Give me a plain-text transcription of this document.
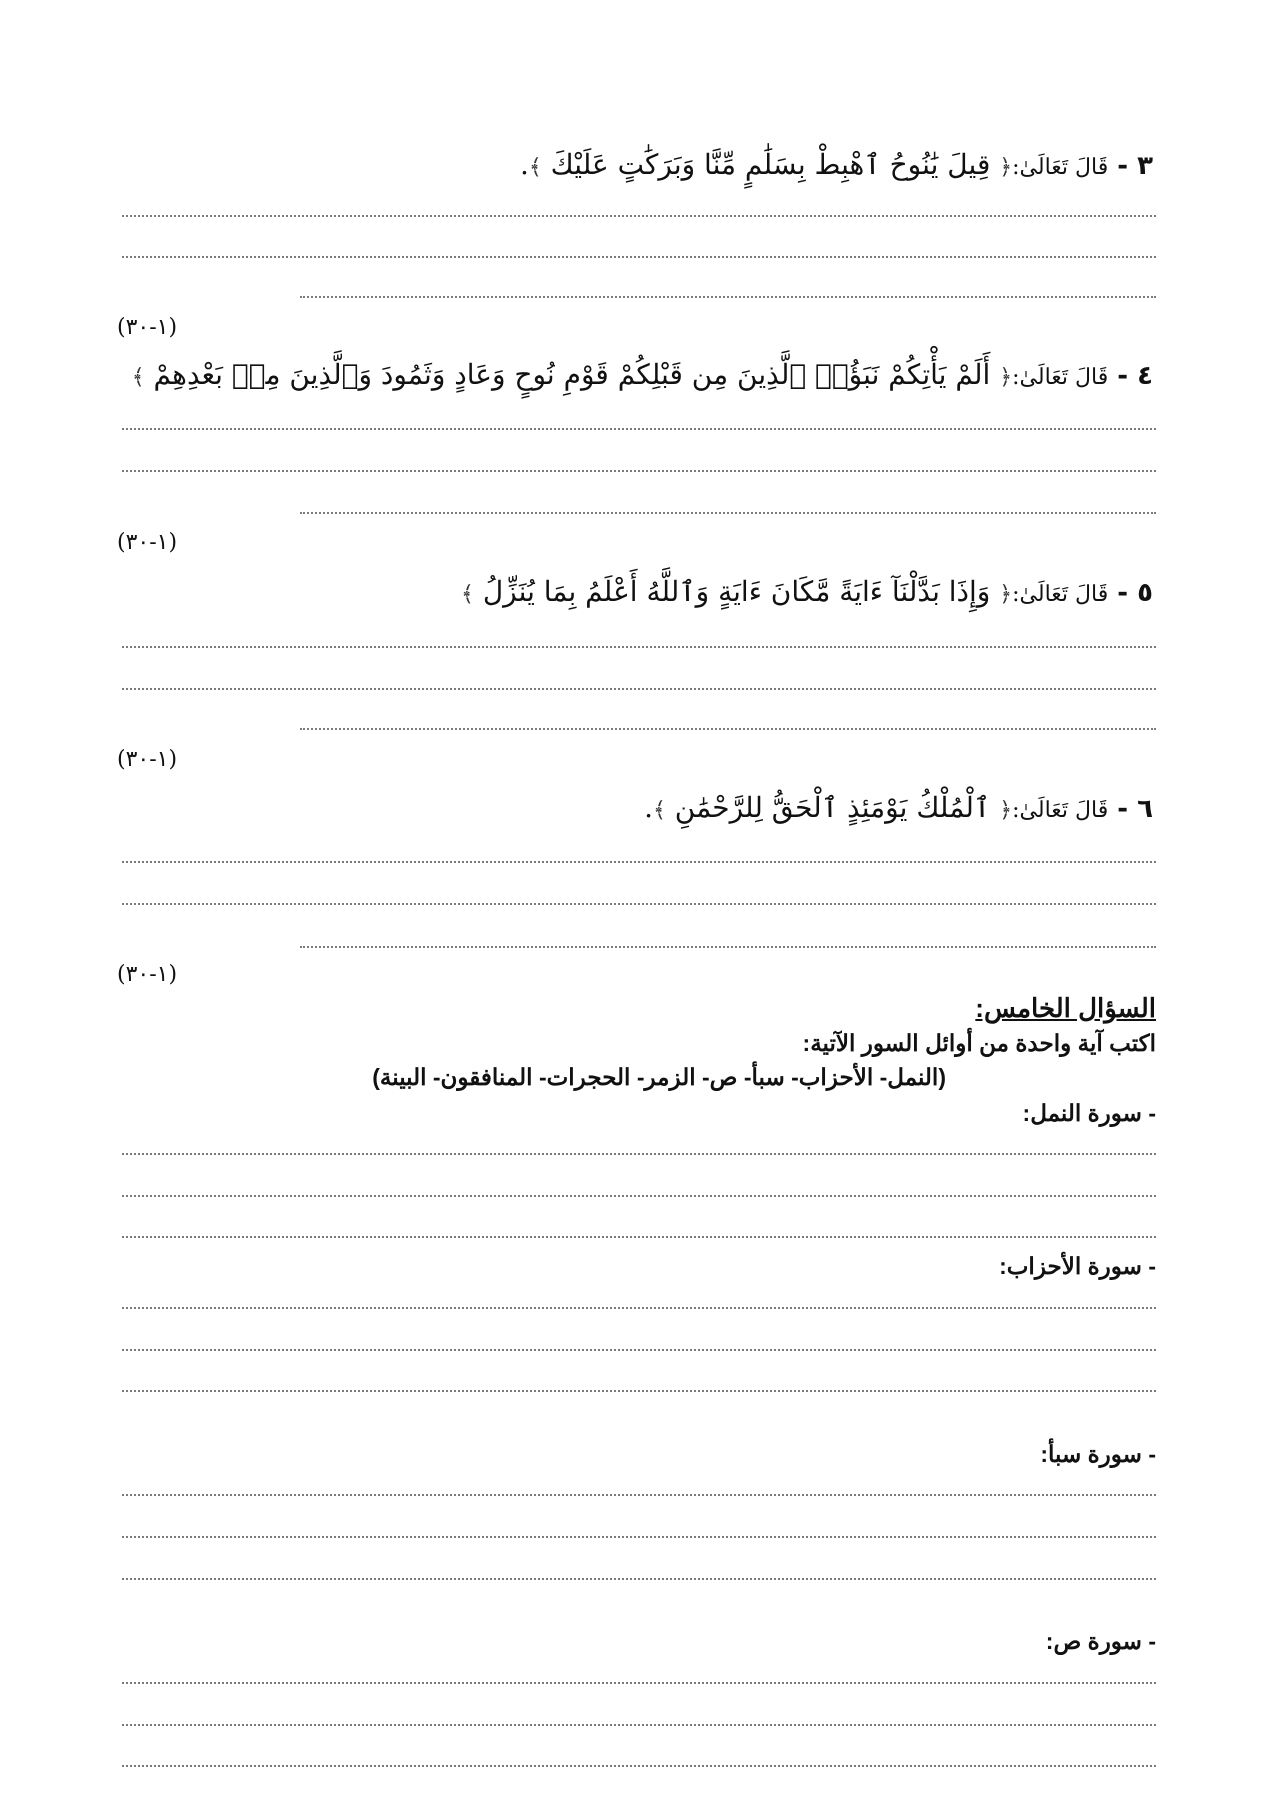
٣ - قَالَ تَعَالَىٰ:﴿ قِيلَ يَٰنُوحُ ٱهْبِطْ بِسَلَٰمٍ مِّنَّا وَبَرَكَٰتٍ عَلَيْكَ ﴾.
(١-٣٠)
٤ - قَالَ تَعَالَىٰ:﴿ أَلَمْ يَأْتِكُمْ نَبَؤُا۟ ٱلَّذِينَ مِن قَبْلِكُمْ قَوْمِ نُوحٍ وَعَادٍ وَثَمُودَ وَٱلَّذِينَ مِنۢ بَعْدِهِمْ ﴾
(١-٣٠)
٥ - قَالَ تَعَالَىٰ:﴿ وَإِذَا بَدَّلْنَآ ءَايَةً مَّكَانَ ءَايَةٍ وَٱللَّهُ أَعْلَمُ بِمَا يُنَزِّلُ ﴾
(١-٣٠)
٦ - قَالَ تَعَالَىٰ:﴿ ٱلْمُلْكُ يَوْمَئِذٍ ٱلْحَقُّ لِلرَّحْمَٰنِ ﴾.
(١-٣٠)
السؤال الخامس:
اكتب آية واحدة من أوائل السور الآتية:
(النمل- الأحزاب- سبأ- ص- الزمر- الحجرات- المنافقون- البينة)
- سورة النمل:
- سورة الأحزاب:
- سورة سبأ:
- سورة ص:
